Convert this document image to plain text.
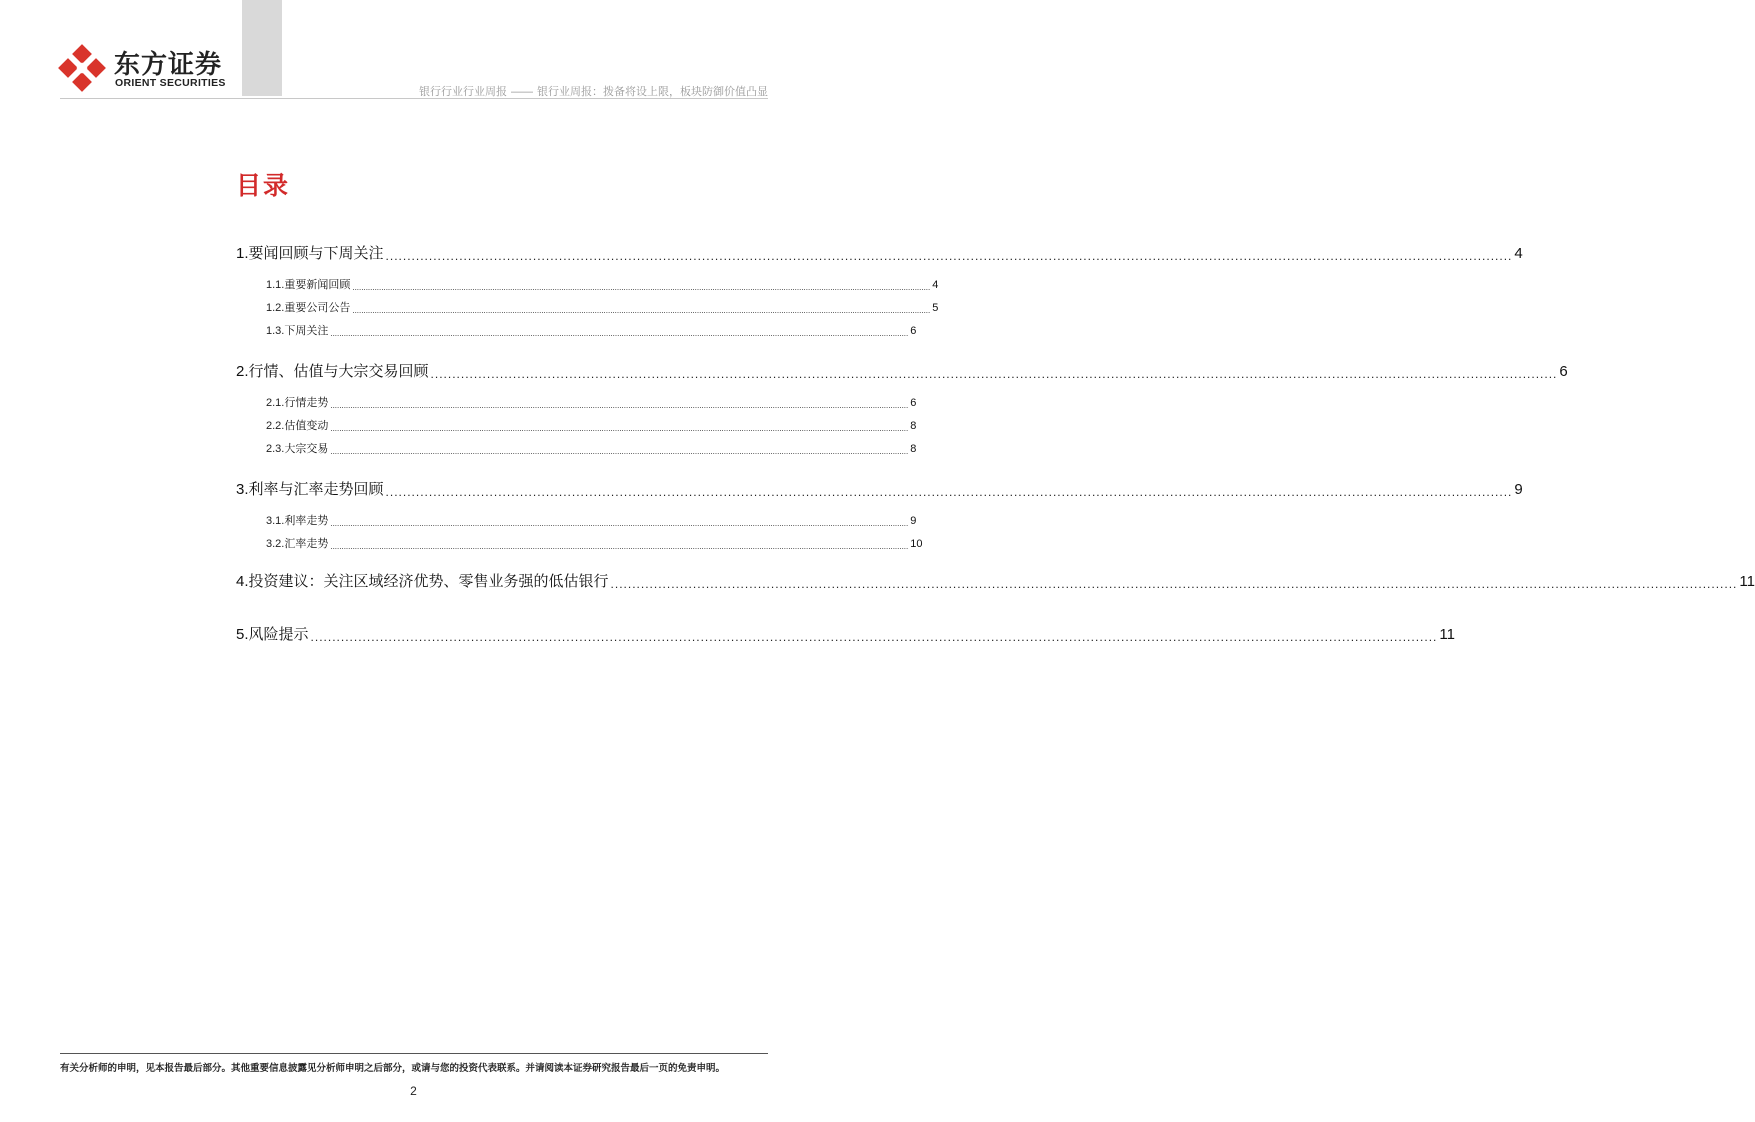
东方证券
ORIENT SECURITIES
银行行业行业周报 —— 银行业周报：拨备将设上限，板块防御价值凸显
目录
1. 要闻回顾与下周关注 .................................................................................................................................................................................................................................................................... 4
1.1. 重要新闻回顾 .................................................................................................................................................................................................................................................................... 4
1.2. 重要公司公告 .................................................................................................................................................................................................................................................................... 5
1.3. 下周关注 .................................................................................................................................................................................................................................................................... 6
2. 行情、估值与大宗交易回顾 .................................................................................................................................................................................................................................................................... 6
2.1. 行情走势 .................................................................................................................................................................................................................................................................... 6
2.2. 估值变动 .................................................................................................................................................................................................................................................................... 8
2.3. 大宗交易 .................................................................................................................................................................................................................................................................... 8
3. 利率与汇率走势回顾 .................................................................................................................................................................................................................................................................... 9
3.1. 利率走势 .................................................................................................................................................................................................................................................................... 9
3.2. 汇率走势 .................................................................................................................................................................................................................................................................... 10
4. 投资建议：关注区域经济优势、零售业务强的低估银行 .................................................................................................................................................................................................................................................................... 11
5. 风险提示 .................................................................................................................................................................................................................................................................... 11
有关分析师的申明，见本报告最后部分。其他重要信息披露见分析师申明之后部分，或请与您的投资代表联系。并请阅读本证券研究报告最后一页的免责申明。
2
